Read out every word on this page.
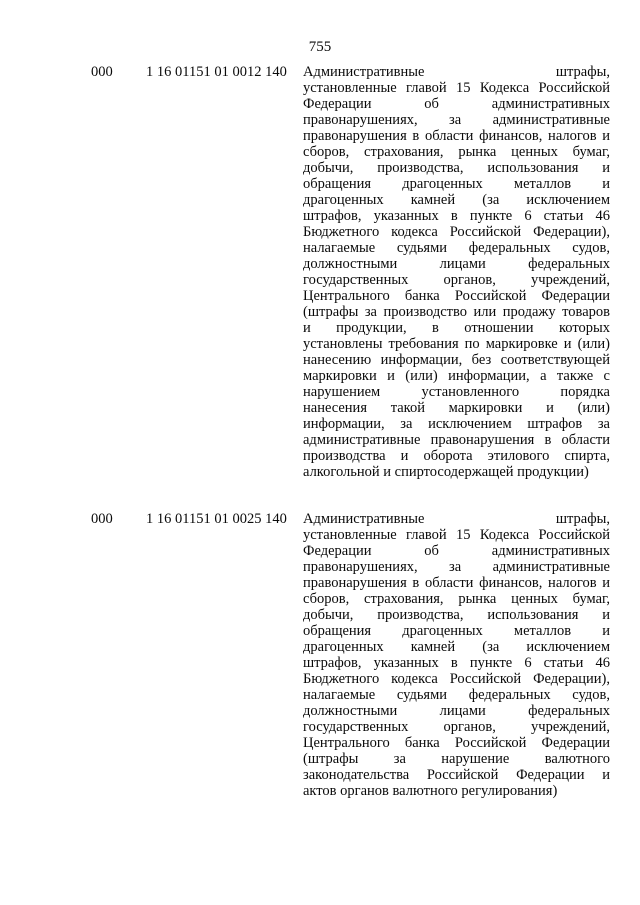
755
000 1 16 01151 01 0012 140 Административные штрафы,
установленные главой 15 Кодекса Российской
Федерации об административных
правонарушениях, за административные
правонарушения в области финансов, налогов и
сборов, страхования, рынка ценных бумаг,
добычи, производства, использования и
обращения драгоценных металлов и
драгоценных камней (за исключением
штрафов, указанных в пункте 6 статьи 46
Бюджетного кодекса Российской Федерации),
налагаемые судьями федеральных судов,
должностными лицами федеральных
государственных органов, учреждений,
Центрального банка Российской Федерации
(штрафы за производство или продажу товаров
и продукции, в отношении которых
установлены требования по маркировке и (или)
нанесению информации, без соответствующей
маркировки и (или) информации, а также с
нарушением установленного порядка
нанесения такой маркировки и (или)
информации, за исключением штрафов за
административные правонарушения в области
производства и оборота этилового спирта,
алкогольной и спиртосодержащей продукции)
000 1 16 01151 01 0025 140 Административные штрафы,
установленные главой 15 Кодекса Российской
Федерации об административных
правонарушениях, за административные
правонарушения в области финансов, налогов и
сборов, страхования, рынка ценных бумаг,
добычи, производства, использования и
обращения драгоценных металлов и
драгоценных камней (за исключением
штрафов, указанных в пункте 6 статьи 46
Бюджетного кодекса Российской Федерации),
налагаемые судьями федеральных судов,
должностными лицами федеральных
государственных органов, учреждений,
Центрального банка Российской Федерации
(штрафы за нарушение валютного
законодательства Российской Федерации и
актов органов валютного регулирования)
